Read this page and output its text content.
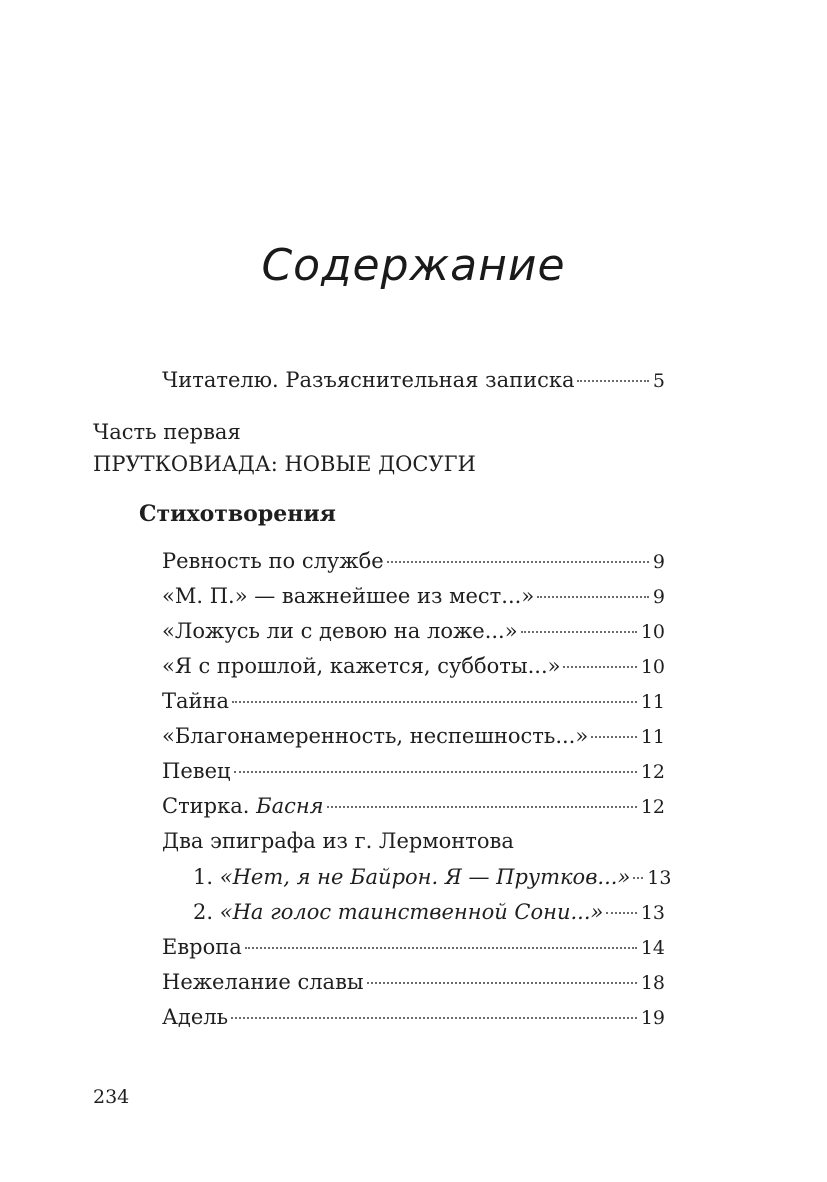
Содержание
Читателю. Разъяснительная записка	5
Часть первая
ПРУТКОВИАДА: НОВЫЕ ДОСУГИ
Стихотворения
Ревность по службе	9
«М. П.» — важнейшее из мест...»	9
«Ложусь ли с девою на ложе...»	10
«Я с прошлой, кажется, субботы...»	10
Тайна	11
«Благонамеренность, неспешность...»	11
Певец	12
Стирка. Басня	12
Два эпиграфа из г. Лермонтова
1. «Нет, я не Байрон. Я — Прутков...» 13
2. «На голос таинственной Сони...» 13
Европа	14
Нежелание славы	18
Адель	19
234
